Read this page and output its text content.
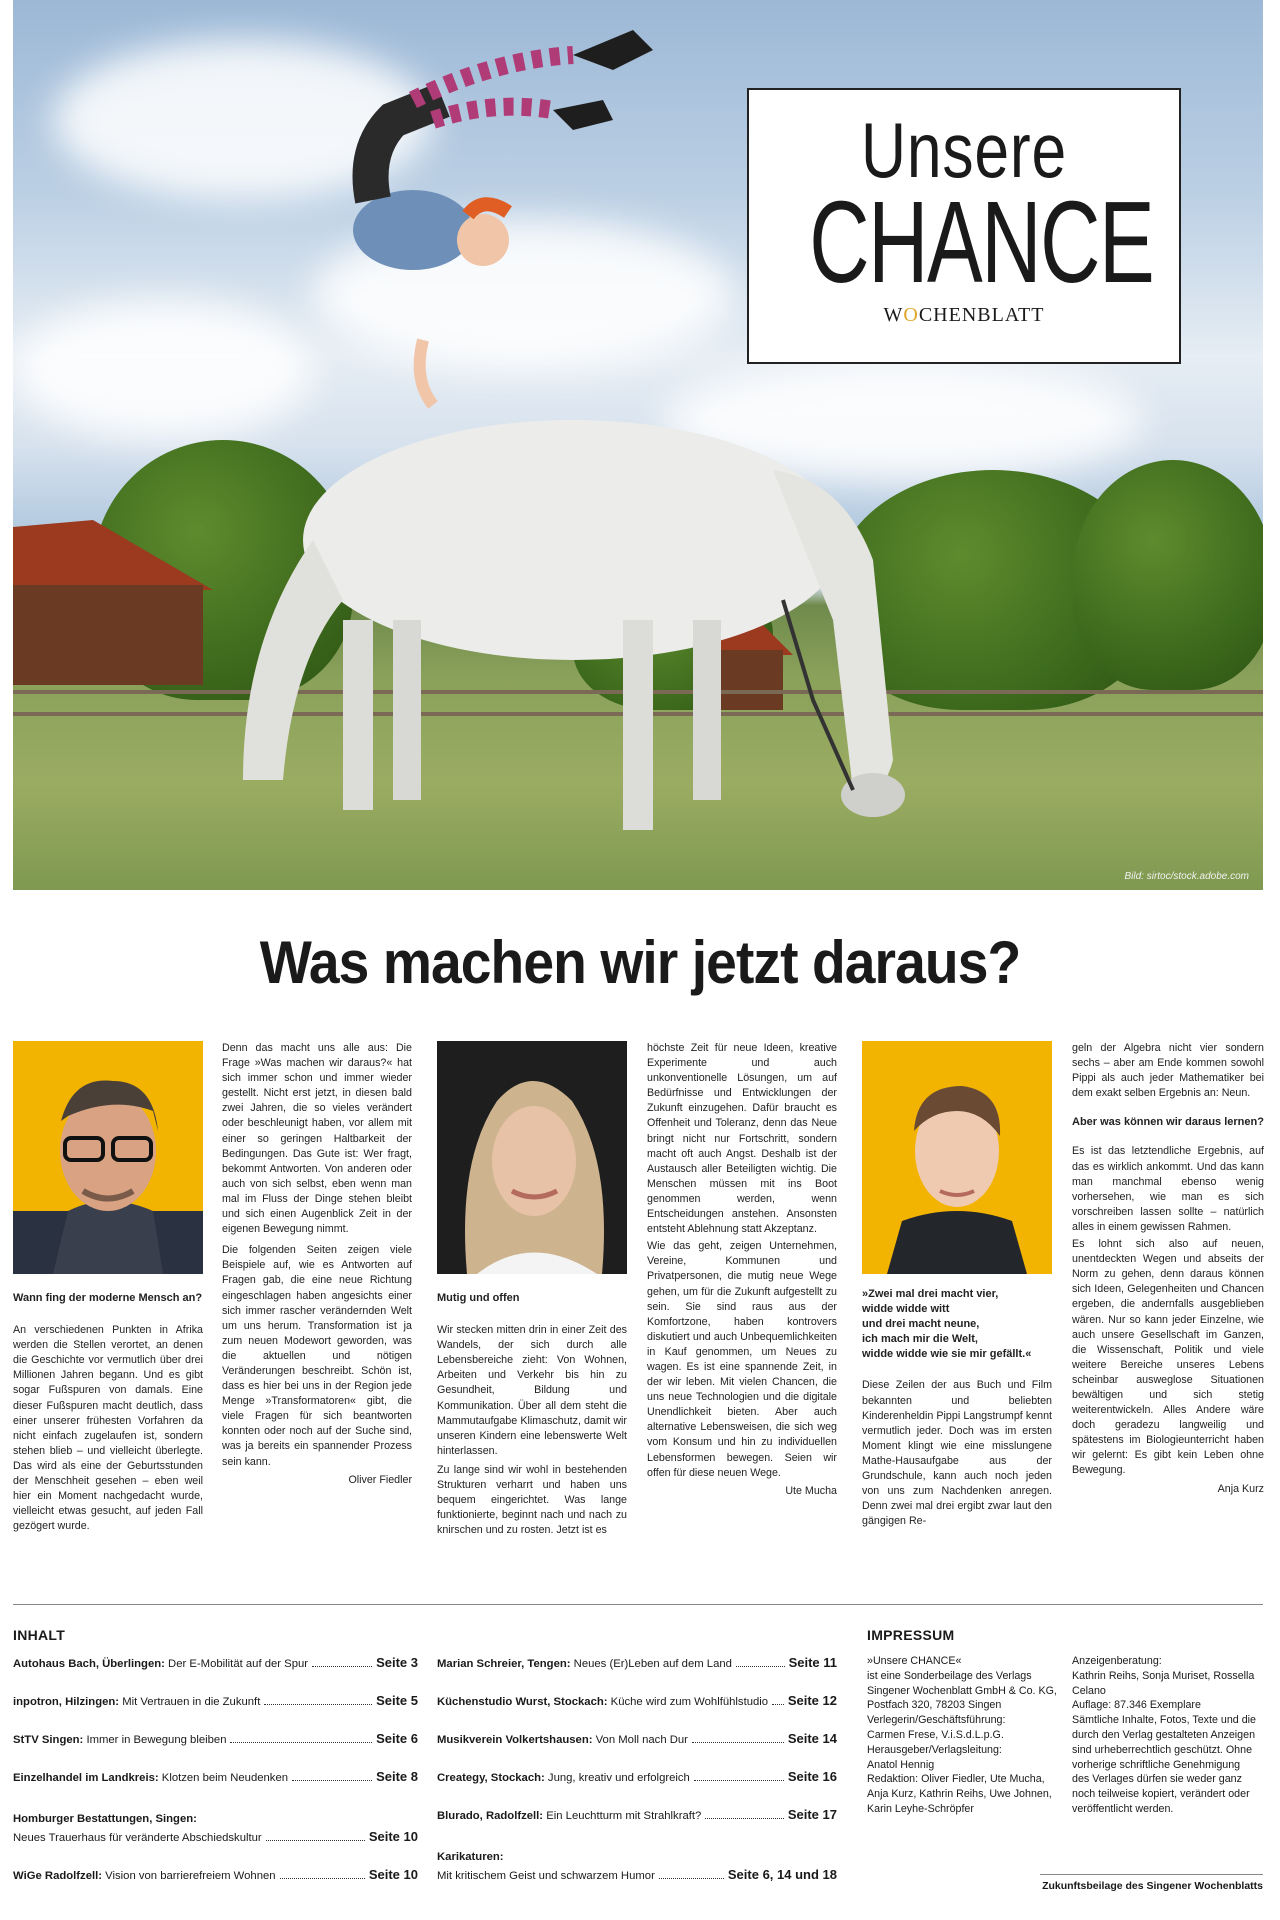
Bild: sirtoc/stock.adobe.com
Unsere
CHANCE
WOCHENBLATT
Was machen wir jetzt daraus?
Wann fing der moderne Mensch an?

An verschiedenen Punkten in Afrika werden die Stellen verortet, an denen die Geschichte vor vermutlich über drei Millionen Jahren begann. Und es gibt sogar Fußspuren von damals. Eine dieser Fußspuren macht deutlich, dass einer unserer frühesten Vorfahren da nicht einfach zugelaufen ist, sondern stehen blieb – und vielleicht überlegte. Das wird als eine der Geburtsstunden der Menschheit gesehen – eben weil hier ein Moment nachgedacht wurde, vielleicht etwas gesucht, auf jeden Fall gezögert wurde.

Denn das macht uns alle aus: Die Frage »Was machen wir daraus?« hat sich immer schon und immer wieder gestellt. Nicht erst jetzt, in diesen bald zwei Jahren, die so vieles verändert oder beschleunigt haben, vor allem mit einer so geringen Haltbarkeit der Bedingungen. Das Gute ist: Wer fragt, bekommt Antworten. Von anderen oder auch von sich selbst, eben wenn man mal im Fluss der Dinge stehen bleibt und sich einen Augenblick Zeit in der eigenen Bewegung nimmt.

Die folgenden Seiten zeigen viele Beispiele auf, wie es Antworten auf Fragen gab, die eine neue Richtung eingeschlagen haben angesichts einer sich immer rascher verändernden Welt um uns herum. Transformation ist ja zum neuen Modewort geworden, was die aktuellen und nötigen Veränderungen beschreibt. Schön ist, dass es hier bei uns in der Region jede Menge »Transformatoren« gibt, die viele Fragen für sich beantworten konnten oder noch auf der Suche sind, was ja bereits ein spannender Prozess sein kann.

Oliver Fiedler
Mutig und offen

Wir stecken mitten drin in einer Zeit des Wandels, der sich durch alle Lebensbereiche zieht: Von Wohnen, Arbeiten und Verkehr bis hin zu Gesundheit, Bildung und Kommunikation. Über all dem steht die Mammutaufgabe Klimaschutz, damit wir unseren Kindern eine lebenswerte Welt hinterlassen.

Zu lange sind wir wohl in bestehenden Strukturen verharrt und haben uns bequem eingerichtet. Was lange funktionierte, beginnt nach und nach zu knirschen und zu rosten. Jetzt ist es

höchste Zeit für neue Ideen, kreative Experimente und auch unkonventionelle Lösungen, um auf Bedürfnisse und Entwicklungen der Zukunft einzugehen. Dafür braucht es Offenheit und Toleranz, denn das Neue bringt nicht nur Fortschritt, sondern macht oft auch Angst. Deshalb ist der Austausch aller Beteiligten wichtig. Die Menschen müssen mit ins Boot genommen werden, wenn Entscheidungen anstehen. Ansonsten entsteht Ablehnung statt Akzeptanz.

Wie das geht, zeigen Unternehmen, Vereine, Kommunen und Privatpersonen, die mutig neue Wege gehen, um für die Zukunft aufgestellt zu sein. Sie sind raus aus der Komfortzone, haben kontrovers diskutiert und auch Unbequemlichkeiten in Kauf genommen, um Neues zu wagen. Es ist eine spannende Zeit, in der wir leben. Mit vielen Chancen, die uns neue Technologien und die digitale Unendlichkeit bieten. Aber auch alternative Lebensweisen, die sich weg vom Konsum und hin zu individuellen Lebensformen bewegen. Seien wir offen für diese neuen Wege.

Ute Mucha
»Zwei mal drei macht vier,
widde widde witt
und drei macht neune,
ich mach mir die Welt,
widde widde wie sie mir gefällt.«

Diese Zeilen der aus Buch und Film bekannten und beliebten Kinderenheldin Pippi Langstrumpf kennt vermutlich jeder. Doch was im ersten Moment klingt wie eine misslungene Mathe-Hausaufgabe aus der Grundschule, kann auch noch jeden von uns zum Nachdenken anregen. Denn zwei mal drei ergibt zwar laut den gängigen Re-

geln der Algebra nicht vier sondern sechs – aber am Ende kommen sowohl Pippi als auch jeder Mathematiker bei dem exakt selben Ergebnis an: Neun.

Aber was können wir daraus lernen?

Es ist das letztendliche Ergebnis, auf das es wirklich ankommt. Und das kann man manchmal ebenso wenig vorhersehen, wie man es sich vorschreiben lassen sollte – natürlich alles in einem gewissen Rahmen.

Es lohnt sich also auf neuen, unentdeckten Wegen und abseits der Norm zu gehen, denn daraus können sich Ideen, Gelegenheiten und Chancen ergeben, die andernfalls ausgeblieben wären. Nur so kann jeder Einzelne, wie auch unsere Gesellschaft im Ganzen, die Wissenschaft, Politik und viele weitere Bereiche unseres Lebens scheinbar ausweglose Situationen bewältigen und sich stetig weiterentwickeln. Alles Andere wäre doch geradezu langweilig und spätestens im Biologieunterricht haben wir gelernt: Es gibt kein Leben ohne Bewegung.

Anja Kurz
INHALT
Autohaus Bach, Überlingen:
Der E-Mobilität auf der Spur	Seite 3
inpotron, Hilzingen:
Mit Vertrauen in die Zukunft	Seite 5
StTV Singen:
Immer in Bewegung bleiben	Seite 6
Einzelhandel im Landkreis:
Klotzen beim Neudenken	Seite 8
Homburger Bestattungen, Singen:
Neues Trauerhaus für veränderte Abschiedskultur	Seite 10
WiGe Radolfzell:
Vision von barrierefreiem Wohnen	Seite 10
Marian Schreier, Tengen:
Neues (Er)Leben auf dem Land	Seite 11
Küchenstudio Wurst, Stockach:
Küche wird zum Wohlfühlstudio Seite 12
Musikverein Volkertshausen:
Von Moll nach Dur	Seite 14
Creategy, Stockach:
Jung, kreativ und erfolgreich	Seite 16
Blurado, Radolfzell:
Ein Leuchtturm mit Strahlkraft?	Seite 17
Karikaturen:
Mit kritischem Geist und schwarzem Humor	Seite 6, 14 und 18
IMPRESSUM
»Unsere CHANCE«
ist eine Sonderbeilage des Verlags
Singener Wochenblatt GmbH & Co. KG,
Postfach 320, 78203 Singen
Verlegerin/Geschäftsführung:
Carmen Frese, V.i.S.d.L.p.G.
Herausgeber/Verlagsleitung:
Anatol Hennig
Redaktion: Oliver Fiedler, Ute Mucha,
Anja Kurz, Kathrin Reihs, Uwe Johnen,
Karin Leyhe-Schröpfer
Anzeigenberatung:
Kathrin Reihs, Sonja Muriset, Rossella
Celano
Auflage: 87.346 Exemplare
Sämtliche Inhalte, Fotos, Texte und die
durch den Verlag gestalteten Anzeigen
sind urheberrechtlich geschützt. Ohne
vorherige schriftliche Genehmigung
des Verlages dürfen sie weder ganz
noch teilweise kopiert, verändert oder
veröffentlicht werden.
Zukunftsbeilage des Singener Wochenblatts
